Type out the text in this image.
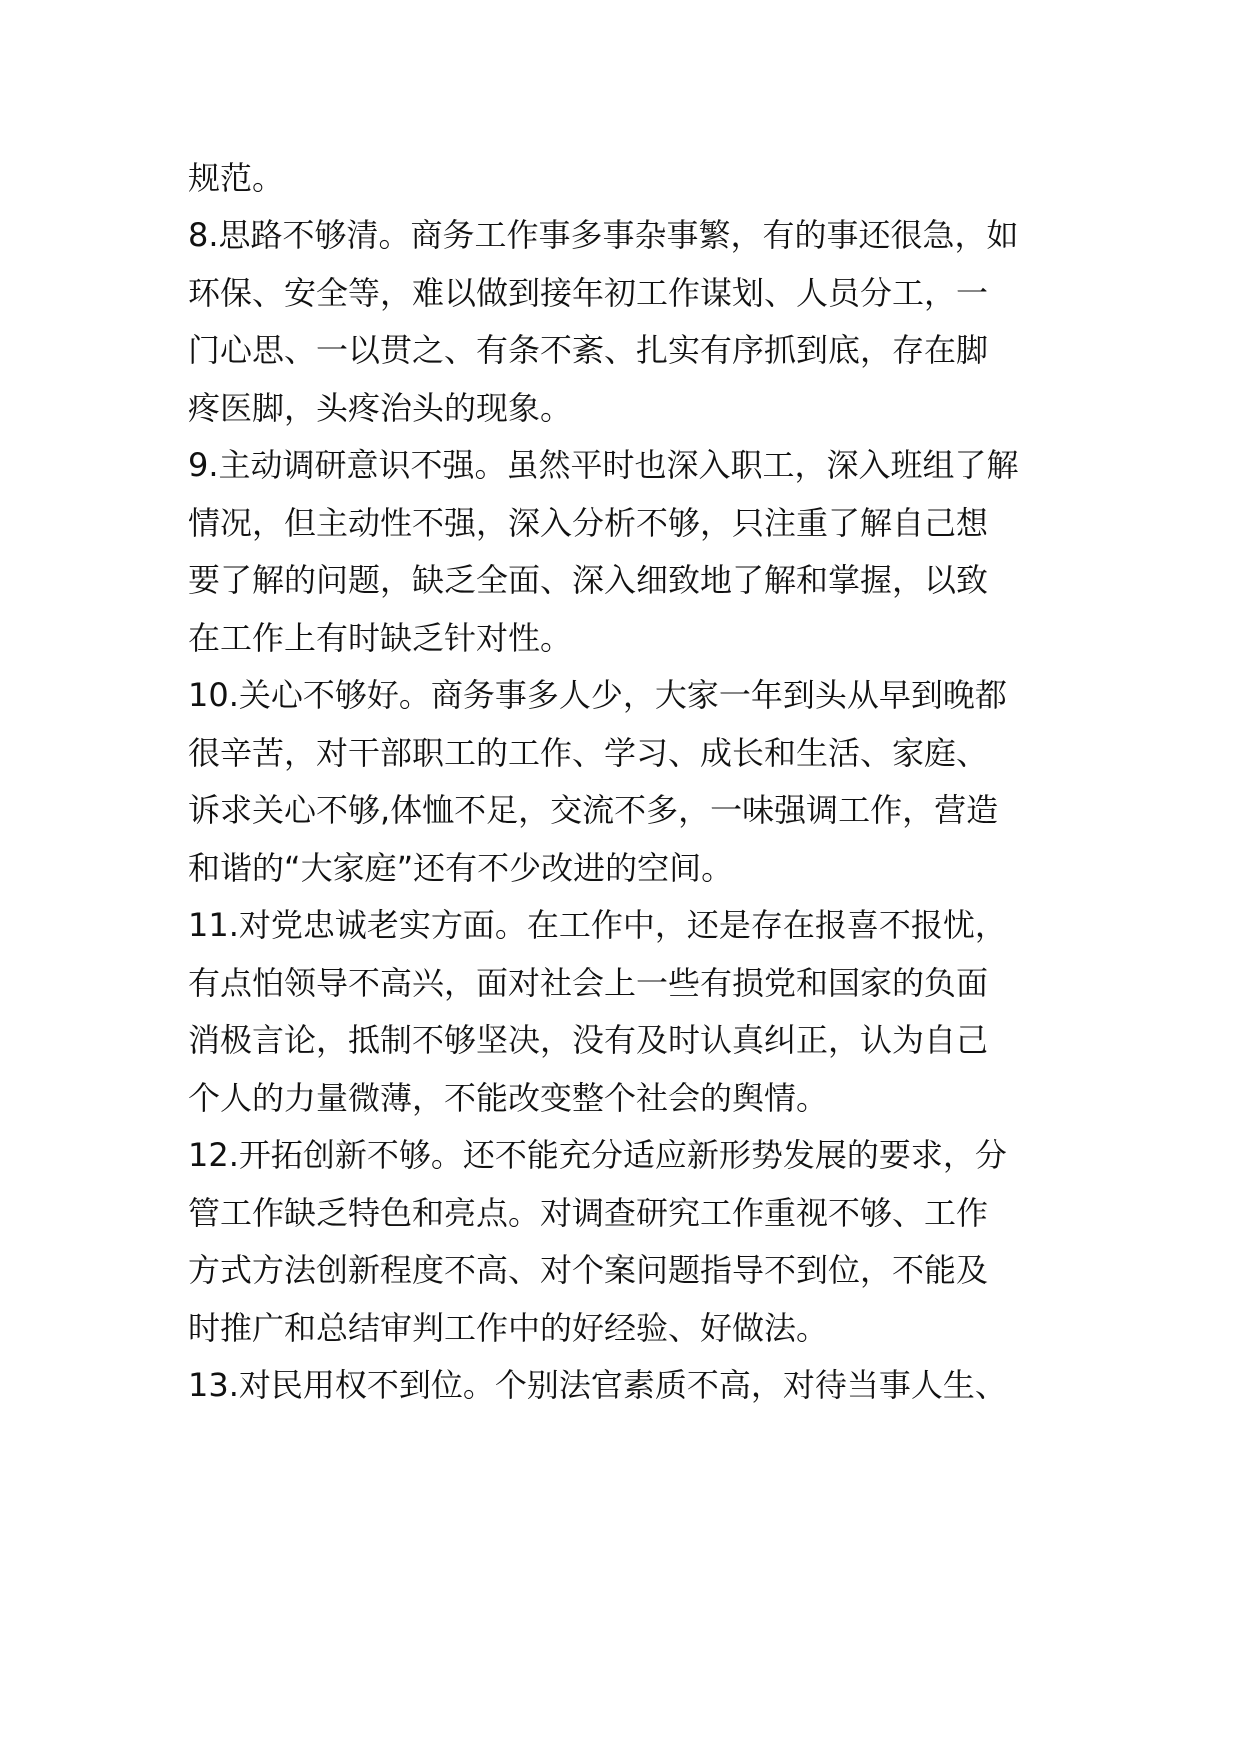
规范。

8.思路不够清。商务工作事多事杂事繁，有的事还很急，如

环保、安全等，难以做到接年初工作谋划、人员分工，一

门心思、一以贯之、有条不紊、扎实有序抓到底，存在脚

疼医脚，头疼治头的现象。

9.主动调研意识不强。虽然平时也深入职工，深入班组了解

情况，但主动性不强，深入分析不够，只注重了解自己想

要了解的问题，缺乏全面、深入细致地了解和掌握，以致

在工作上有时缺乏针对性。

10.关心不够好。商务事多人少，大家一年到头从早到晚都

很辛苦，对干部职工的工作、学习、成长和生活、家庭、

诉求关心不够,体恤不足，交流不多，一味强调工作，营造

和谐的“大家庭”还有不少改进的空间。

11.对党忠诚老实方面。在工作中，还是存在报喜不报忧，

有点怕领导不高兴，面对社会上一些有损党和国家的负面

消极言论，抵制不够坚决，没有及时认真纠正，认为自己

个人的力量微薄，不能改变整个社会的舆情。

12.开拓创新不够。还不能充分适应新形势发展的要求，分

管工作缺乏特色和亮点。对调查研究工作重视不够、工作

方式方法创新程度不高、对个案问题指导不到位，不能及

时推广和总结审判工作中的好经验、好做法。

13.对民用权不到位。个别法官素质不高，对待当事人生、
